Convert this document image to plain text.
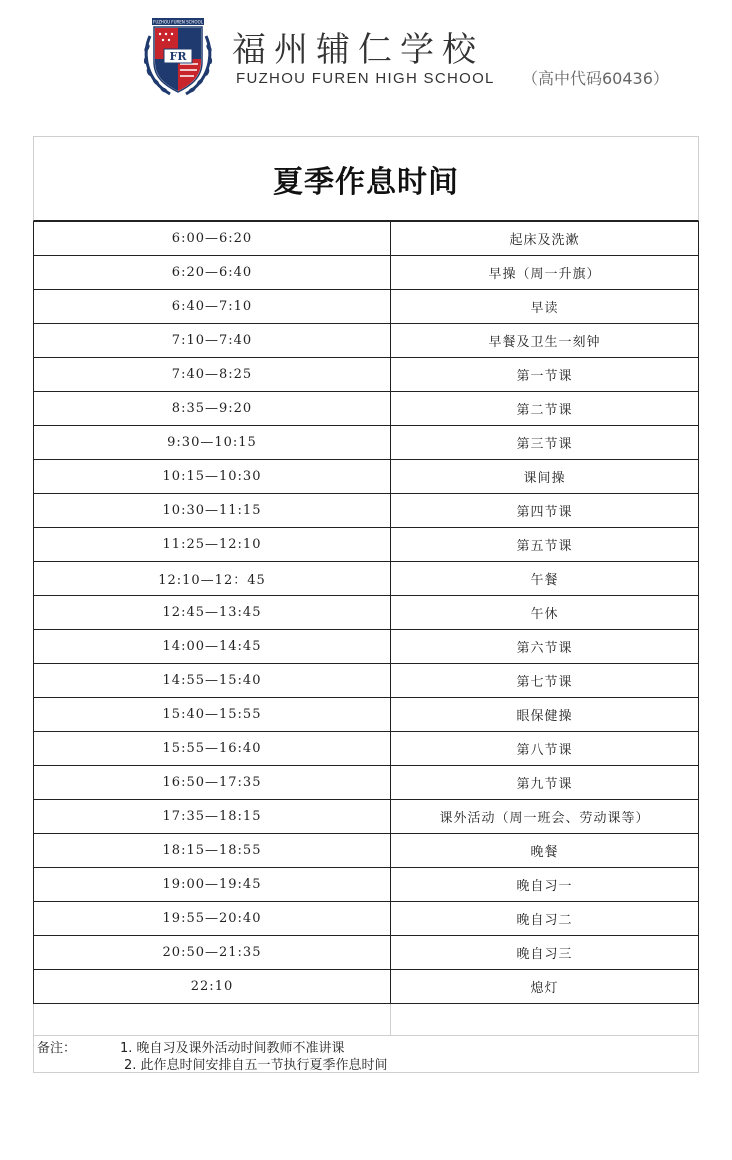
FUZHOU FUREN SCHOOL
FR 福州辅仁学校
FUZHOU FUREN HIGH SCHOOL （高中代码60436）
夏季作息时间
6:00—6:20	起床及洗漱
6:20—6:40	早操（周一升旗）
6:40—7:10	早读
7:10—7:40	早餐及卫生一刻钟
7:40—8:25	第一节课
8:35—9:20	第二节课
9:30—10:15	第三节课
10:15—10:30	课间操
10:30—11:15	第四节课
11:25—12:10	第五节课
12:10—12：45	午餐
12:45—13:45	午休
14:00—14:45	第六节课
14:55—15:40	第七节课
15:40—15:55	眼保健操
15:55—16:40	第八节课
16:50—17:35	第九节课
17:35—18:15	课外活动（周一班会、劳动课等）
18:15—18:55	晚餐
19:00—19:45	晚自习一
19:55—20:40	晚自习二
20:50—21:35	晚自习三
22:10	熄灯

备注：	1. 晚自习及课外活动时间教师不准讲课
2. 此作息时间安排自五一节执行夏季作息时间
